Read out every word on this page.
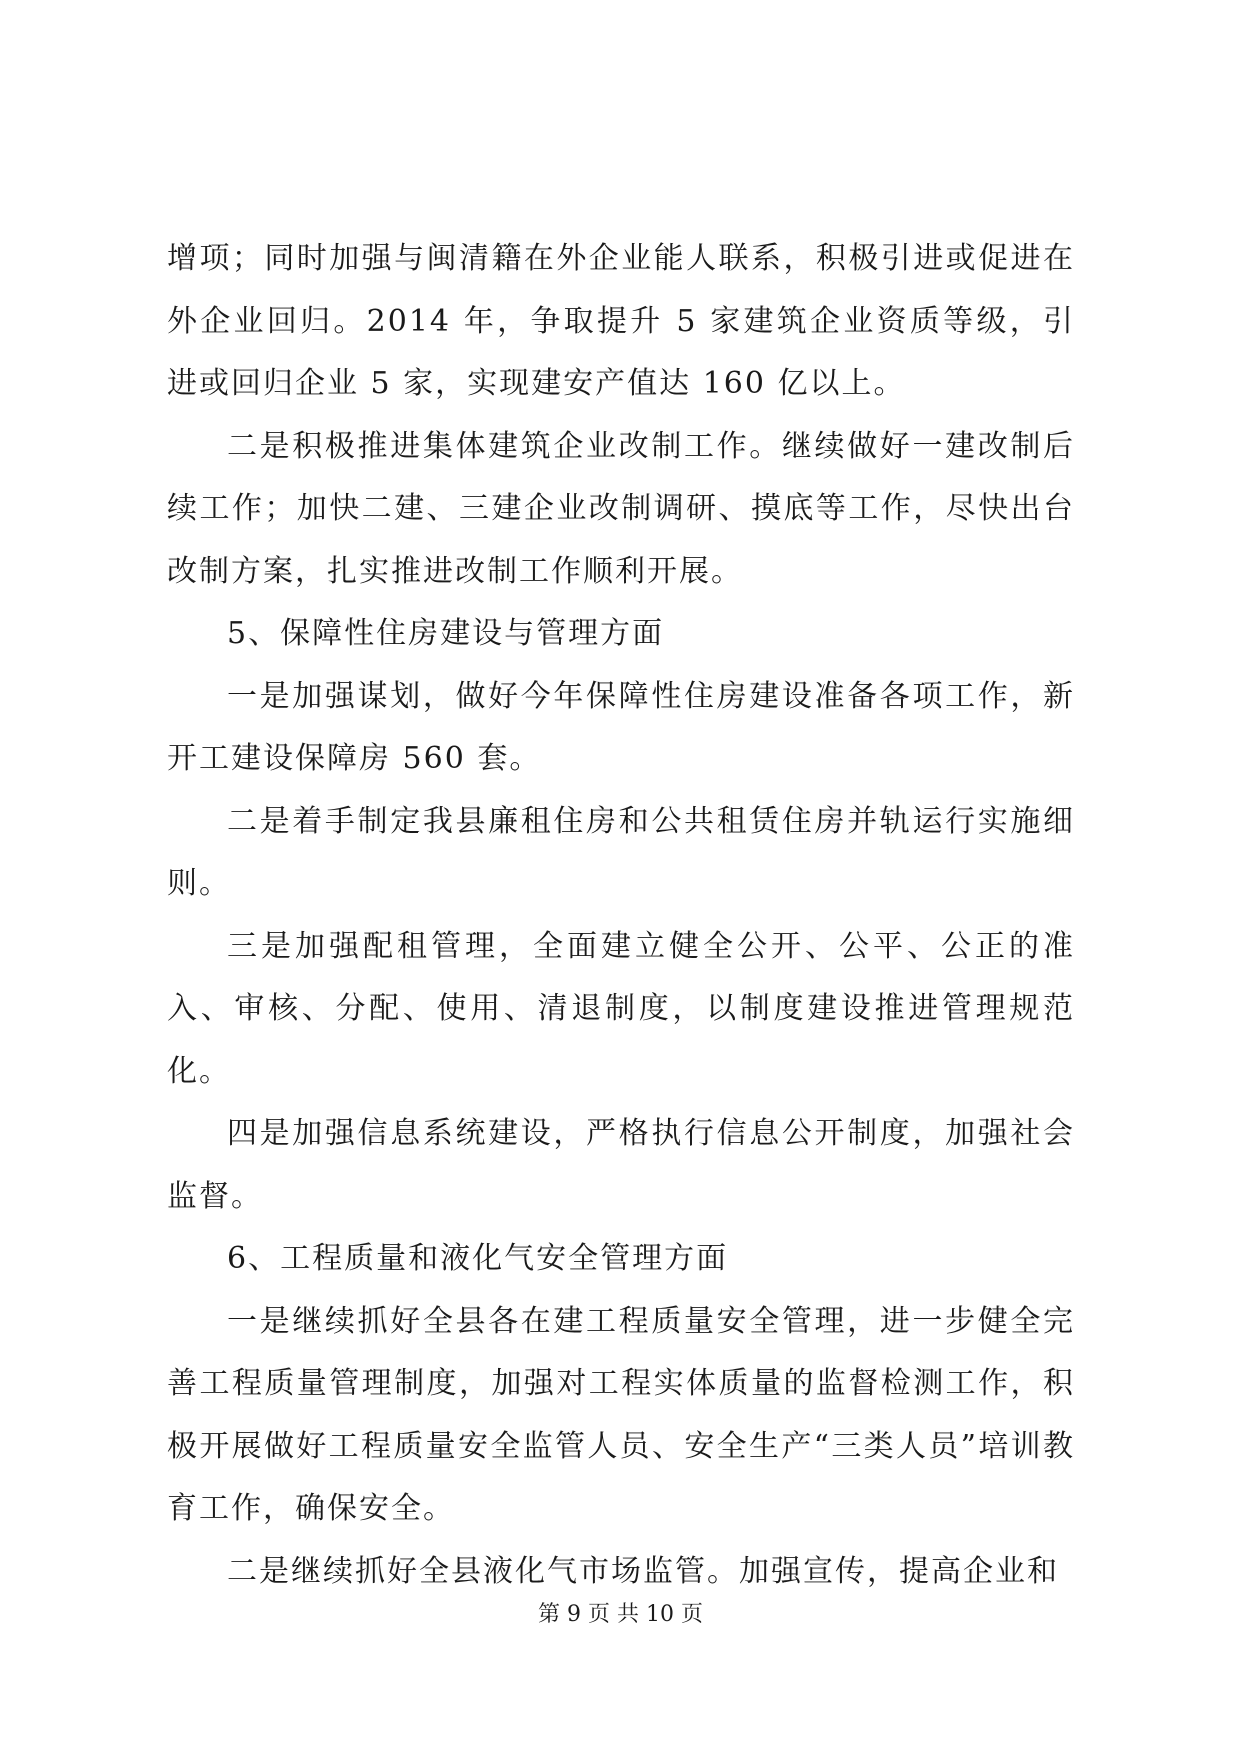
增项；同时加强与闽清籍在外企业能人联系，积极引进或促进在外企业回归。2014 年，争取提升 5 家建筑企业资质等级，引进或回归企业 5 家，实现建安产值达 160 亿以上。

二是积极推进集体建筑企业改制工作。继续做好一建改制后续工作；加快二建、三建企业改制调研、摸底等工作，尽快出台改制方案，扎实推进改制工作顺利开展。

5、保障性住房建设与管理方面

一是加强谋划，做好今年保障性住房建设准备各项工作，新开工建设保障房 560 套。

二是着手制定我县廉租住房和公共租赁住房并轨运行实施细则。

三是加强配租管理，全面建立健全公开、公平、公正的准入、审核、分配、使用、清退制度，以制度建设推进管理规范化。

四是加强信息系统建设，严格执行信息公开制度，加强社会监督。

6、工程质量和液化气安全管理方面

一是继续抓好全县各在建工程质量安全管理，进一步健全完善工程质量管理制度，加强对工程实体质量的监督检测工作，积极开展做好工程质量安全监管人员、安全生产“三类人员”培训教育工作，确保安全。

二是继续抓好全县液化气市场监管。加强宣传，提高企业和

第 9 页 共 10 页
